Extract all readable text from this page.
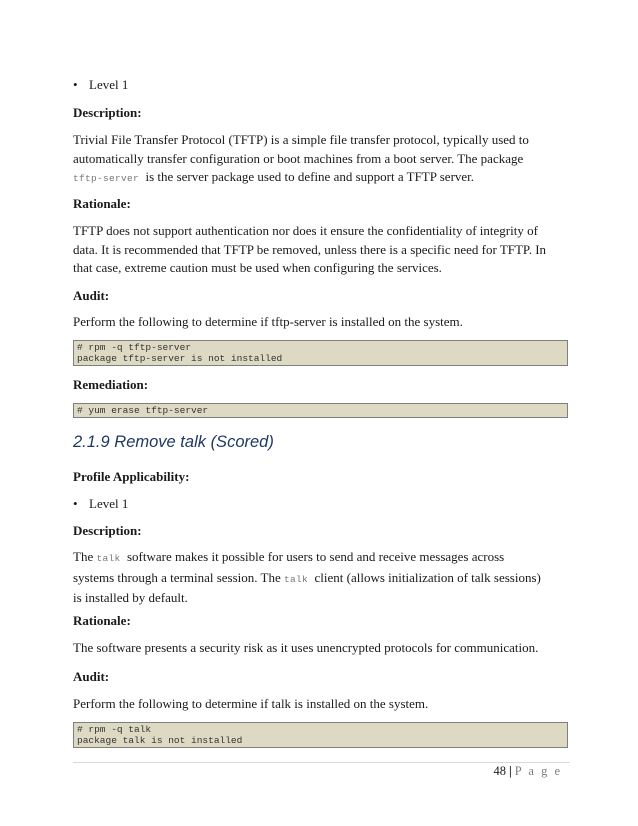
• Level 1
Description:
Trivial File Transfer Protocol (TFTP) is a simple file transfer protocol, typically used to
automatically transfer configuration or boot machines from a boot server. The package
tftp-server is the server package used to define and support a TFTP server.
Rationale:
TFTP does not support authentication nor does it ensure the confidentiality of integrity of
data. It is recommended that TFTP be removed, unless there is a specific need for TFTP. In
that case, extreme caution must be used when configuring the services.
Audit:
Perform the following to determine if tftp-server is installed on the system.
# rpm -q tftp-server
package tftp-server is not installed
Remediation:
# yum erase tftp-server
2.1.9 Remove talk (Scored)
Profile Applicability:
• Level 1
Description:
The talk software makes it possible for users to send and receive messages across
systems through a terminal session. The talk client (allows initialization of talk sessions)
is installed by default.
Rationale:
The software presents a security risk as it uses unencrypted protocols for communication.
Audit:
Perform the following to determine if talk is installed on the system.
# rpm -q talk
package talk is not installed
48 | P a g e
